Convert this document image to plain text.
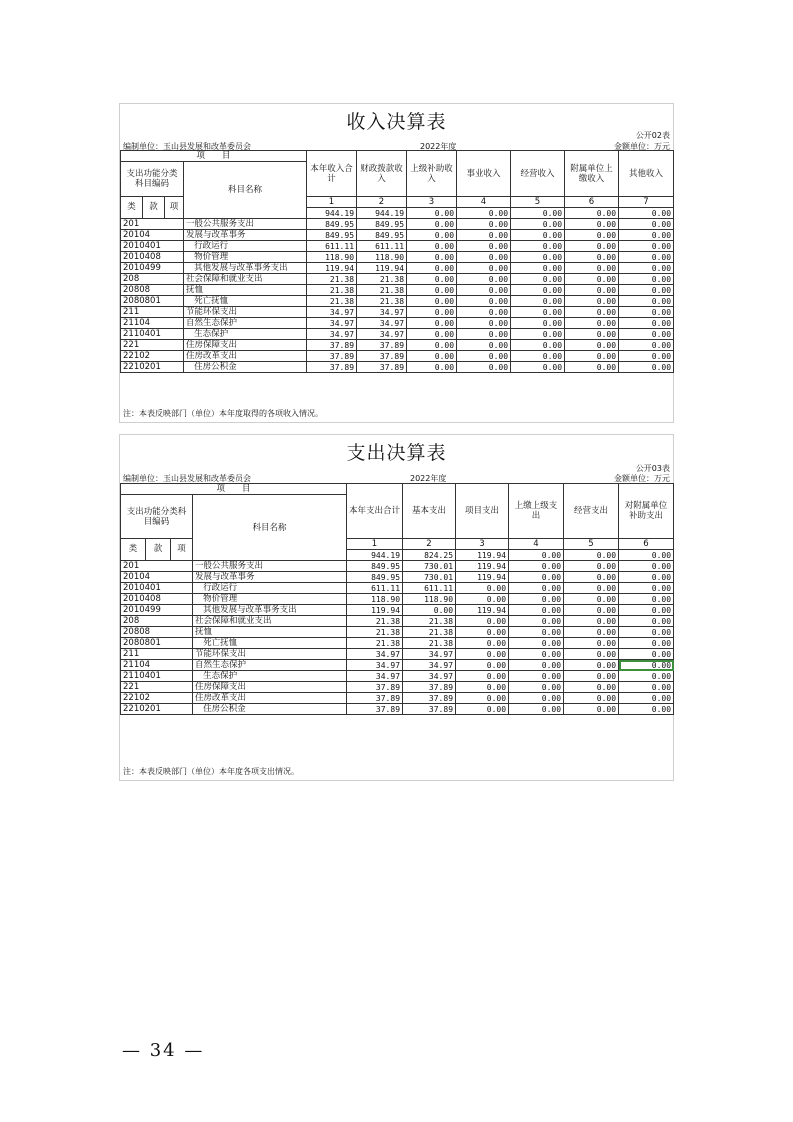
收入决算表
公开02表
编制单位：玉山县发展和改革委员会	2022年度	金额单位：万元
项　　目				本年收入合计	财政拨款收入	上级补助收入	事业收入	经营收入	附属单位上缴收入	其他收入
支出功能分类科目编码			科目名称							
类	款	项		1	2	3	4	5	6	7
				944.19	944.19	0.00	0.00	0.00	0.00	0.00
201			一般公共服务支出	849.95	849.95	0.00	0.00	0.00	0.00	0.00
20104			发展与改革事务	849.95	849.95	0.00	0.00	0.00	0.00	0.00
2010401			行政运行	611.11	611.11	0.00	0.00	0.00	0.00	0.00
2010408			物价管理	118.90	118.90	0.00	0.00	0.00	0.00	0.00
2010499			其他发展与改革事务支出	119.94	119.94	0.00	0.00	0.00	0.00	0.00
208			社会保障和就业支出	21.38	21.38	0.00	0.00	0.00	0.00	0.00
20808			抚恤	21.38	21.38	0.00	0.00	0.00	0.00	0.00
2080801			死亡抚恤	21.38	21.38	0.00	0.00	0.00	0.00	0.00
211			节能环保支出	34.97	34.97	0.00	0.00	0.00	0.00	0.00
21104			自然生态保护	34.97	34.97	0.00	0.00	0.00	0.00	0.00
2110401			生态保护	34.97	34.97	0.00	0.00	0.00	0.00	0.00
221			住房保障支出	37.89	37.89	0.00	0.00	0.00	0.00	0.00
22102			住房改革支出	37.89	37.89	0.00	0.00	0.00	0.00	0.00
2210201			住房公积金	37.89	37.89	0.00	0.00	0.00	0.00	0.00
注：本表反映部门（单位）本年度取得的各项收入情况。
支出决算表
公开03表
编制单位：玉山县发展和改革委员会	2022年度	金额单位：万元
项　　目				本年支出合计	基本支出	项目支出	上缴上级支出	经营支出	对附属单位补助支出
支出功能分类科目编码			科目名称						
类	款	项		1	2	3	4	5	6
				944.19	824.25	119.94	0.00	0.00	0.00
201			一般公共服务支出	849.95	730.01	119.94	0.00	0.00	0.00
20104			发展与改革事务	849.95	730.01	119.94	0.00	0.00	0.00
2010401			行政运行	611.11	611.11	0.00	0.00	0.00	0.00
2010408			物价管理	118.90	118.90	0.00	0.00	0.00	0.00
2010499			其他发展与改革事务支出	119.94	0.00	119.94	0.00	0.00	0.00
208			社会保障和就业支出	21.38	21.38	0.00	0.00	0.00	0.00
20808			抚恤	21.38	21.38	0.00	0.00	0.00	0.00
2080801			死亡抚恤	21.38	21.38	0.00	0.00	0.00	0.00
211			节能环保支出	34.97	34.97	0.00	0.00	0.00	0.00
21104			自然生态保护	34.97	34.97	0.00	0.00	0.00	0.00
2110401			生态保护	34.97	34.97	0.00	0.00	0.00	0.00
221			住房保障支出	37.89	37.89	0.00	0.00	0.00	0.00
22102			住房改革支出	37.89	37.89	0.00	0.00	0.00	0.00
2210201			住房公积金	37.89	37.89	0.00	0.00	0.00	0.00
注：本表反映部门（单位）本年度各项支出情况。
— 34 —
